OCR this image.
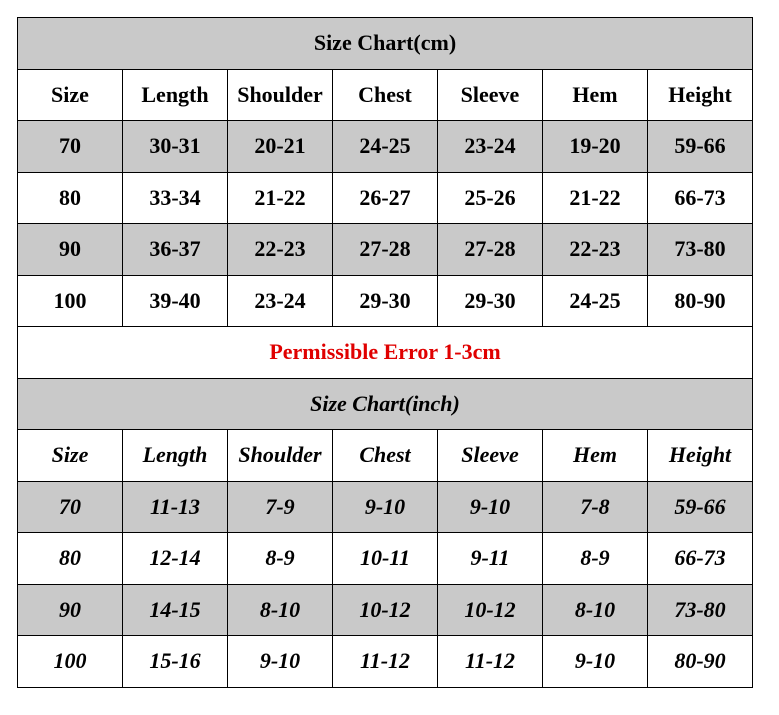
Size Chart(cm)						
Size	Length	Shoulder	Chest	Sleeve	Hem	Height
70	30-31	20-21	24-25	23-24	19-20	59-66
80	33-34	21-22	26-27	25-26	21-22	66-73
90	36-37	22-23	27-28	27-28	22-23	73-80
100	39-40	23-24	29-30	29-30	24-25	80-90
Permissible Error 1-3cm						
Size Chart(inch)						
Size	Length	Shoulder	Chest	Sleeve	Hem	Height
70	11-13	7-9	9-10	9-10	7-8	59-66
80	12-14	8-9	10-11	9-11	8-9	66-73
90	14-15	8-10	10-12	10-12	8-10	73-80
100	15-16	9-10	11-12	11-12	9-10	80-90
